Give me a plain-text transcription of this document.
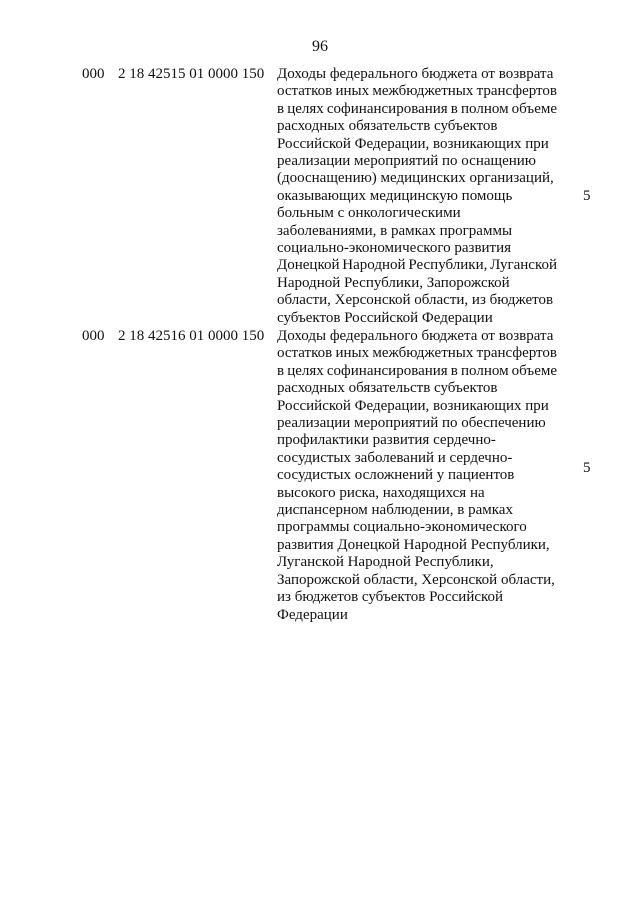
96
000 2 18 42515 01 0000 150 Доходы федерального бюджета от возврата
остатков иных межбюджетных трансфертов
в целях софинансирования в полном объеме
расходных обязательств субъектов
Российской Федерации, возникающих при
реализации мероприятий по оснащению
(дооснащению) медицинских организаций,
оказывающих медицинскую помощь
больным с онкологическими
заболеваниями, в рамках программы
социально-экономического развития
Донецкой Народной Республики, Луганской
Народной Республики, Запорожской
области, Херсонской области, из бюджетов
субъектов Российской Федерации
5
000 2 18 42516 01 0000 150 Доходы федерального бюджета от возврата
остатков иных межбюджетных трансфертов
в целях софинансирования в полном объеме
расходных обязательств субъектов
Российской Федерации, возникающих при
реализации мероприятий по обеспечению
профилактики развития сердечно-
сосудистых заболеваний и сердечно-
сосудистых осложнений у пациентов
высокого риска, находящихся на
диспансерном наблюдении, в рамках
программы социально-экономического
развития Донецкой Народной Республики,
Луганской Народной Республики,
Запорожской области, Херсонской области,
из бюджетов субъектов Российской
Федерации
5
